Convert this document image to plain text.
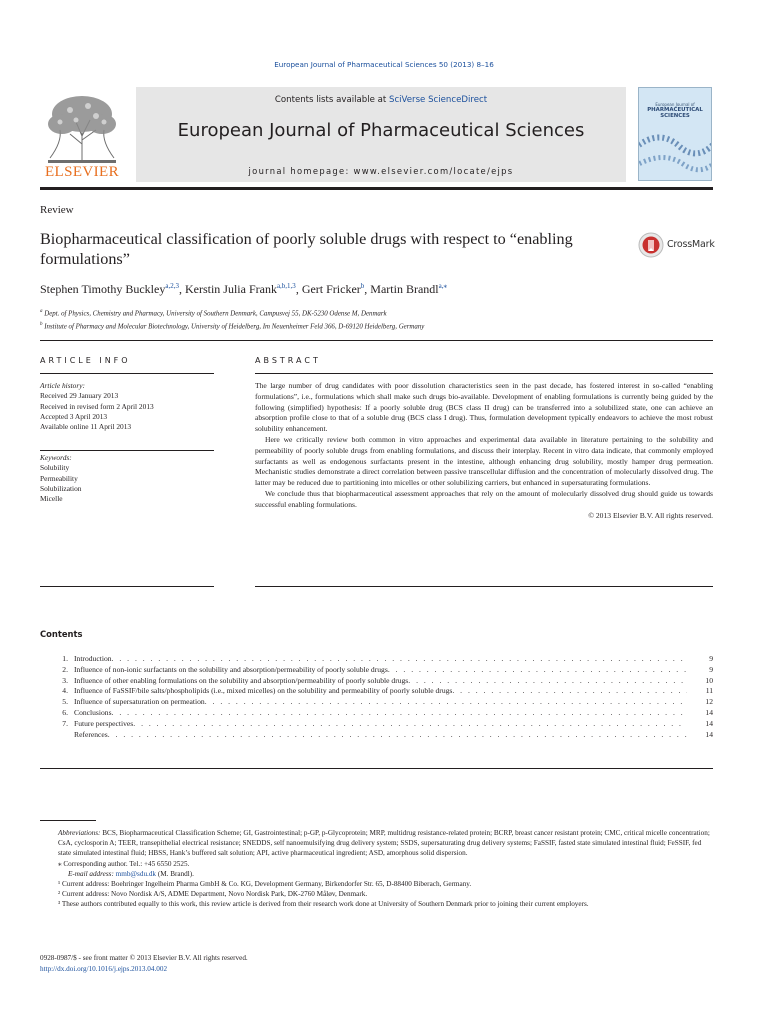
European Journal of Pharmaceutical Sciences 50 (2013) 8–16
ELSEVIER
Contents lists available at SciVerse ScienceDirect
European Journal of Pharmaceutical Sciences
journal homepage: www.elsevier.com/locate/ejps
European Journal of
PHARMACEUTICAL
SCIENCES
Review
Biopharmaceutical classification of poorly soluble drugs with respect to “enabling formulations”
CrossMark
Stephen Timothy Buckley$^{a,2,3}$, Kerstin Julia Frank$^{a,b,1,3}$, Gert Fricker$^b$, Martin Brandl$^{a,⁎}$
$^a$ Dept. of Physics, Chemistry and Pharmacy, University of Southern Denmark, Campusvej 55, DK-5230 Odense M, Denmark
$^b$ Institute of Pharmacy and Molecular Biotechnology, University of Heidelberg, Im Neuenheimer Feld 366, D-69120 Heidelberg, Germany
ARTICLE INFO
Article history:
Received 29 January 2013
Received in revised form 2 April 2013
Accepted 3 April 2013
Available online 11 April 2013
Keywords:
Solubility
Permeability
Solubilization
Micelle
ABSTRACT

The large number of drug candidates with poor dissolution characteristics seen in the past decade, has fostered interest in so-called “enabling formulations”, i.e., formulations which shall make such drugs bio-available. Development of enabling formulations is currently being guided by the following (simplified) hypothesis: If a poorly soluble drug (BCS class II drug) can be transferred into a solubilized state, one can achieve an absorption profile close to that of a soluble drug (BCS class I drug). Thus, formulation development typically endeavors to achieve the most robust solubility enhancement.

Here we critically review both common in vitro approaches and experimental data available in literature pertaining to the solubility and permeability of poorly soluble drugs from enabling formulations, and discuss their interplay. Recent in vitro data indicate, that commonly employed surfactants as well as endogenous surfactants present in the intestine, although enhancing drug solubility, mostly hamper drug permeation. Mechanistic studies demonstrate a direct correlation between passive transcellular diffusion and the concentration of molecularly dissolved drug. The latter may be reduced due to partitioning into micelles or other solubilizing carriers, but enhanced in supersaturating formulations.

We conclude thus that biopharmaceutical assessment approaches that rely on the amount of molecularly dissolved drug should guide us towards successful enabling formulations.

© 2013 Elsevier B.V. All rights reserved.

Contents
1. Introduction . . .	9
2. Influence of non-ionic surfactants on the solubility and absorption/permeability of poorly soluble drugs . . .	9
3. Influence of other enabling formulations on the solubility and absorption/permeability of poorly soluble drugs . . .	10
4. Influence of FaSSIF/bile salts/phospholipids (i.e., mixed micelles) on the solubility and permeability of poorly soluble drugs . . .	11
5. Influence of supersaturation on permeation . . .	12
6. Conclusions . . .	14
7. Future perspectives . . .	14
References . . .	14

Abbreviations: BCS, Biopharmaceutical Classification Scheme; GI, Gastrointestinal; p-GP, p-Glycoprotein; MRP, multidrug resistance-related protein; BCRP, breast cancer resistant protein; CMC, critical micelle concentration; CsA, cyclosporin A; TEER, transepithelial electrical resistance; SNEDDS, self nanoemulsifying drug delivery system; SSDS, supersaturating drug delivery systems; FaSSIF, fasted state simulated intestinal fluid; FeSSIF, fed state simulated intestinal fluid; HBSS, Hank’s buffered salt solution; API, active pharmaceutical ingredient; ASD, amorphous solid dispersion.

⁎ Corresponding author. Tel.: +45 6550 2525.

E-mail address: mmb@sdu.dk (M. Brandl).

¹ Current address: Boehringer Ingelheim Pharma GmbH & Co. KG, Development Germany, Birkendorfer Str. 65, D-88400 Biberach, Germany.

² Current address: Novo Nordisk A/S, ADME Department, Novo Nordisk Park, DK-2760 Måløv, Denmark.

³ These authors contributed equally to this work, this review article is derived from their research work done at University of Southern Denmark prior to joining their current employers.

0928-0987/$ - see front matter © 2013 Elsevier B.V. All rights reserved.
http://dx.doi.org/10.1016/j.ejps.2013.04.002
